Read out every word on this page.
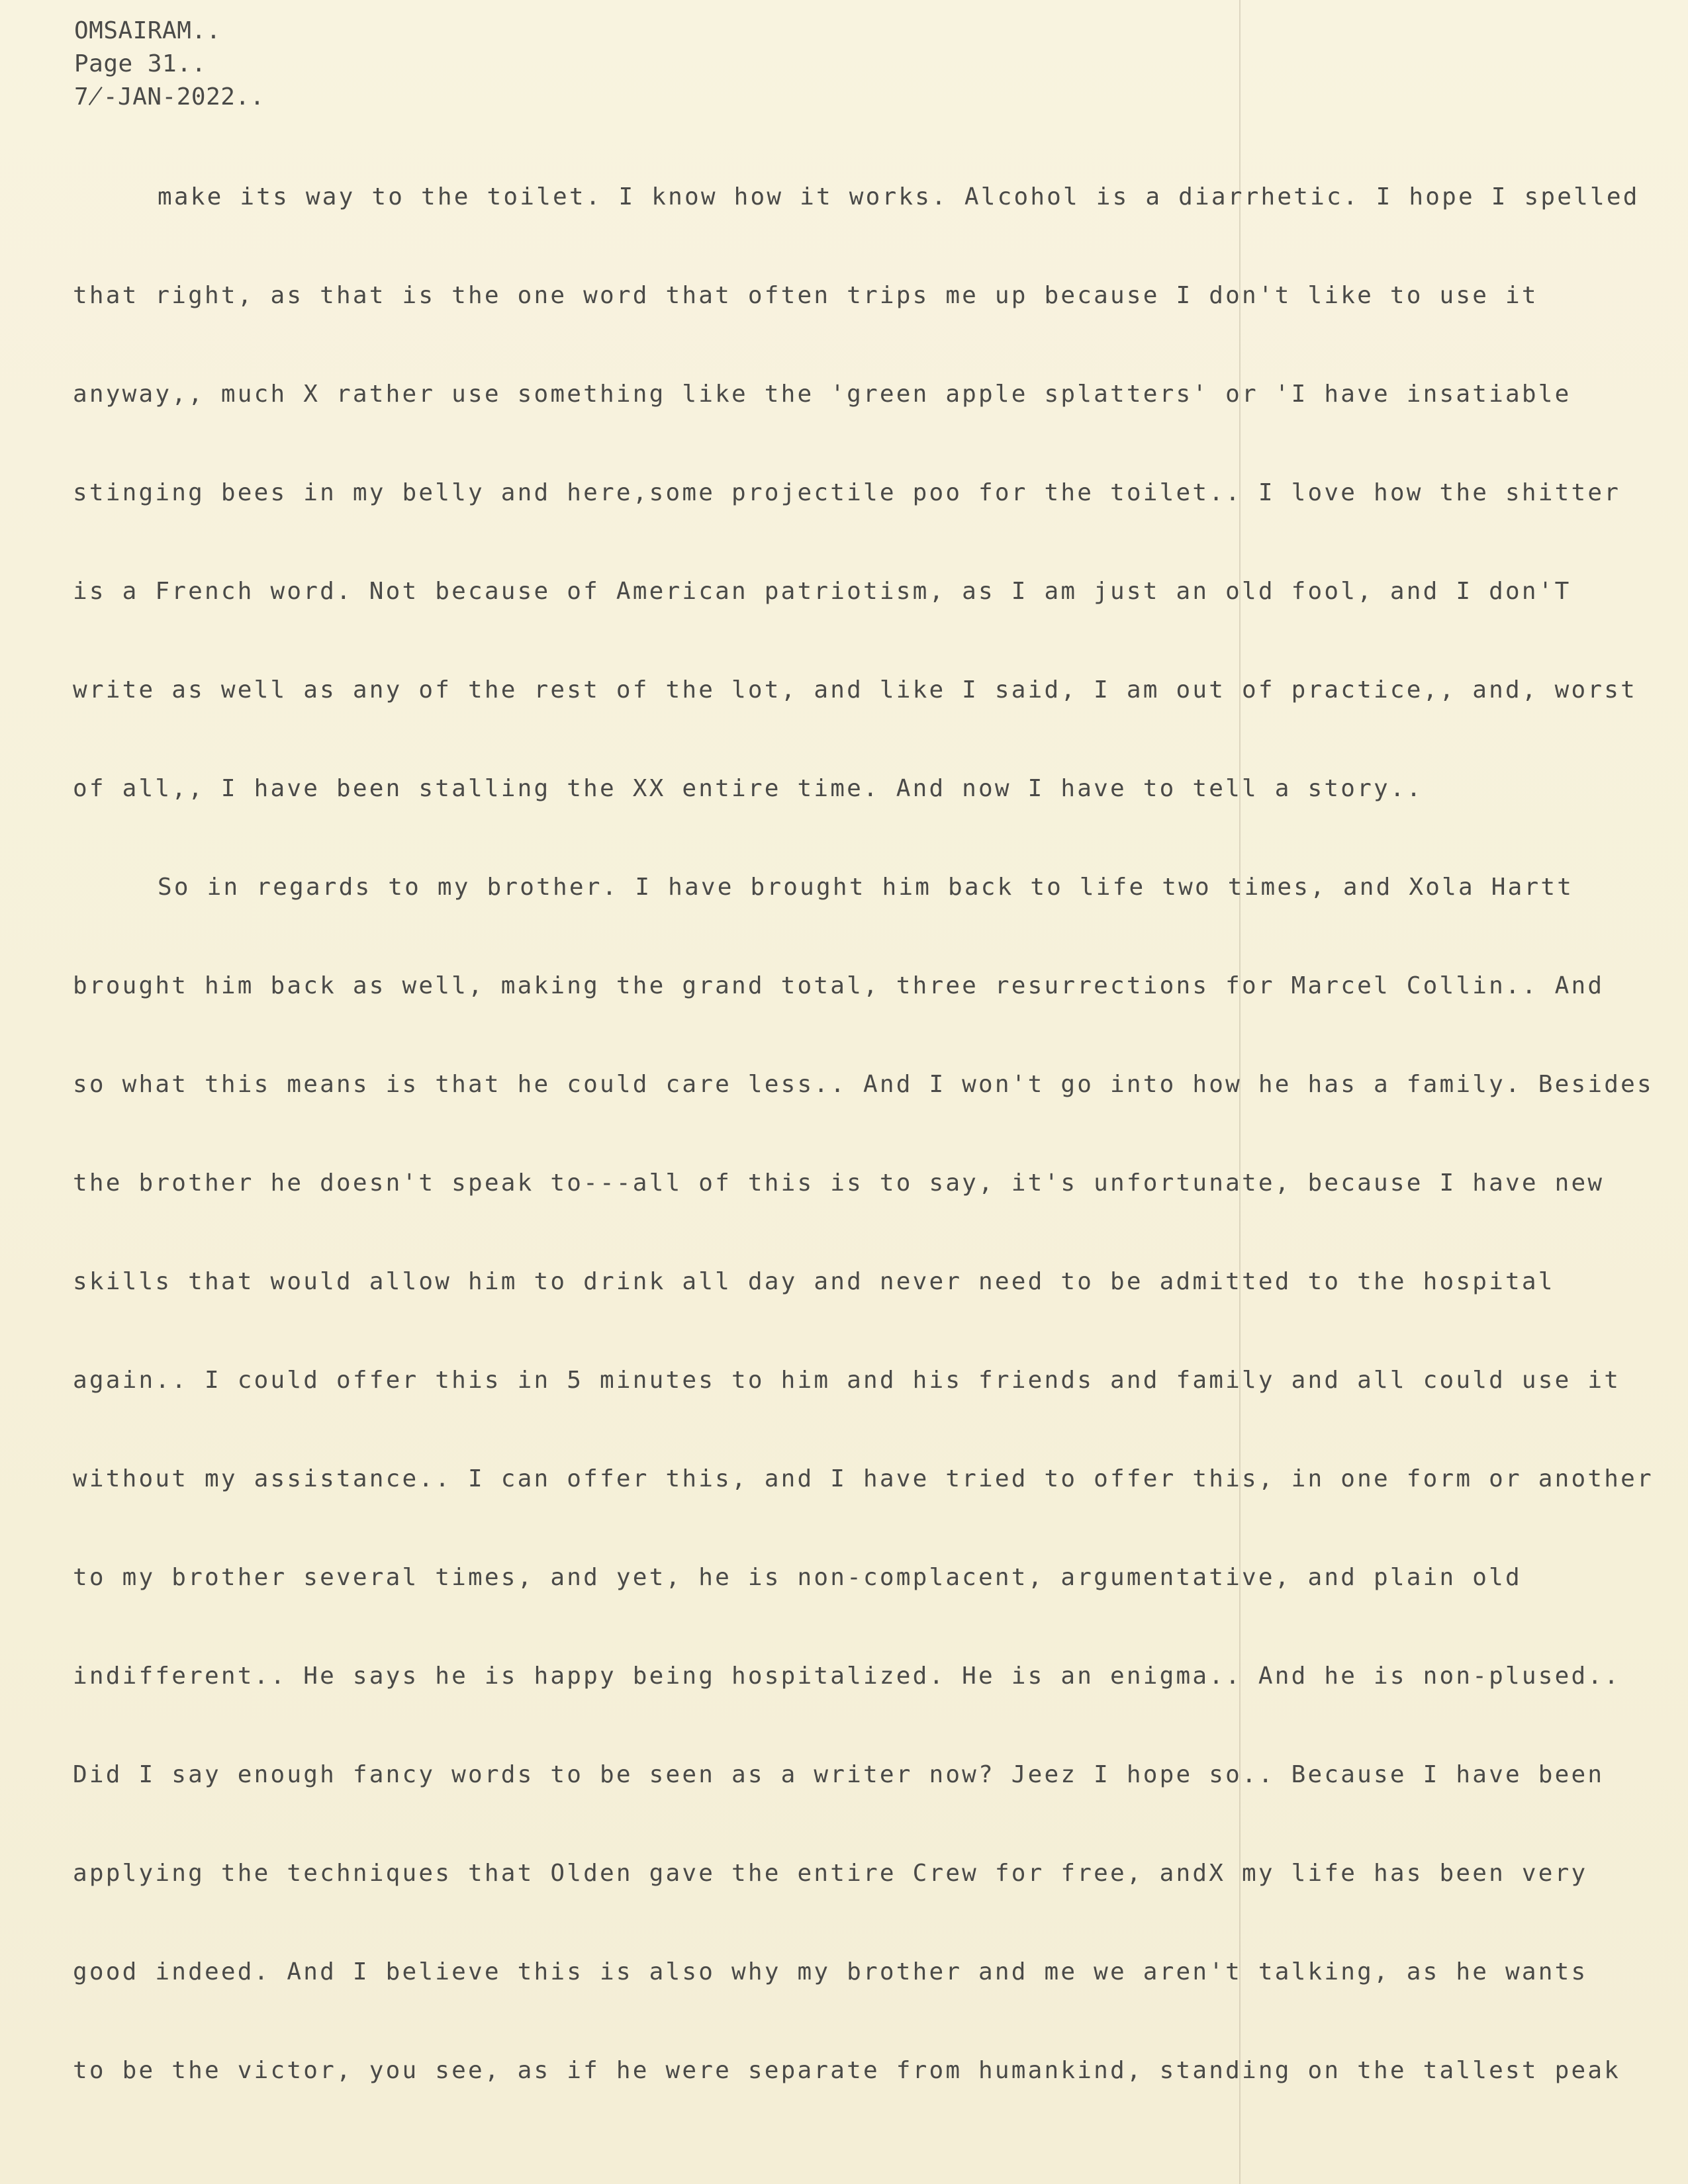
OMSAIRAM..
Page 31..
7̸-JAN-2022..
make its way to the toilet. I know how it works. Alcohol is a diarrhetic. I hope I spelled
that right, as that is the one word that often trips me up because I don't like to use it
anyway,, much X rather use something like the 'green apple splatters' or 'I have insatiable
stinging bees in my belly and here,some projectile poo for the toilet.. I love how the shitter
is a French word. Not because of American patriotism, as I am just an old fool, and I don'T
write as well as any of the rest of the lot, and like I said, I am out of practice,, and, worst
of all,, I have been stalling the XX entire time. And now I have to tell a story..
So in regards to my brother. I have brought him back to life two times, and Xola Hartt
brought him back as well, making the grand total, three resurrections for Marcel Collin.. And
so what this means is that he could care less.. And I won't go into how he has a family. Besides
the brother he doesn't speak to---all of this is to say, it's unfortunate, because I have new
skills that would allow him to drink all day and never need to be admitted to the hospital
again.. I could offer this in 5 minutes to him and his friends and family and all could use it
without my assistance.. I can offer this, and I have tried to offer this, in one form or another
to my brother several times, and yet, he is non-complacent, argumentative, and plain old
indifferent.. He says he is happy being hospitalized. He is an enigma.. And he is non-plused..
Did I say enough fancy words to be seen as a writer now? Jeez I hope so.. Because I have been
applying the techniques that Olden gave the entire Crew for free, andX my life has been very
good indeed. And I believe this is also why my brother and me we aren't talking, as he wants
to be the victor, you see, as if he were separate from humankind, standing on the tallest peak
